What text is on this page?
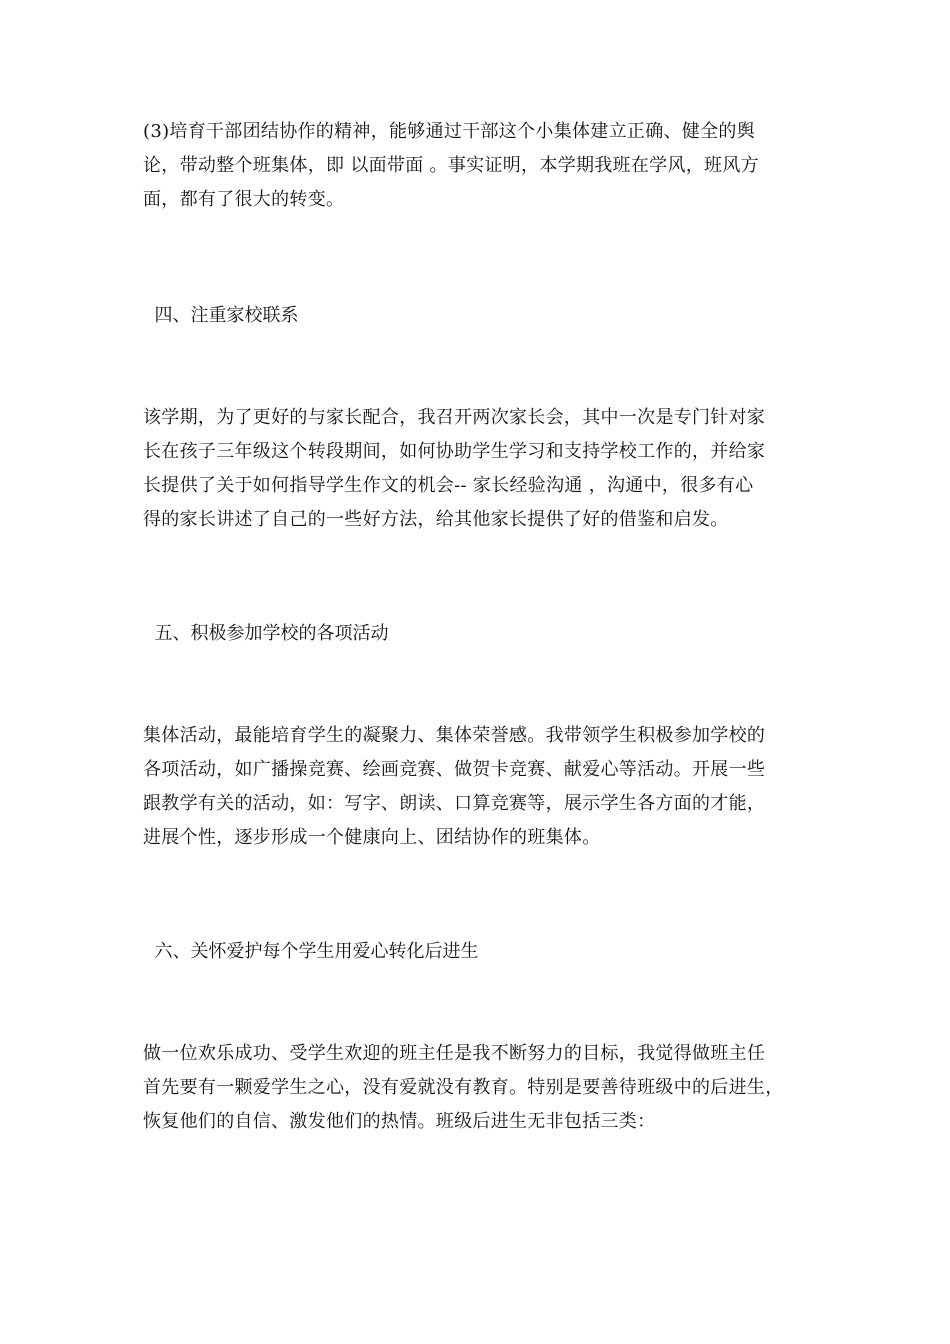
(3)培育干部团结协作的精神，能够通过干部这个小集体建立正确、健全的舆
论，带动整个班集体，即 以面带面 。事实证明，本学期我班在学风，班风方
面，都有了很大的转变。
四、注重家校联系
该学期，为了更好的与家长配合，我召开两次家长会，其中一次是专门针对家
长在孩子三年级这个转段期间，如何协助学生学习和支持学校工作的，并给家
长提供了关于如何指导学生作文的机会-- 家长经验沟通 ，沟通中，很多有心
得的家长讲述了自己的一些好方法，给其他家长提供了好的借鉴和启发。
五、积极参加学校的各项活动
集体活动，最能培育学生的凝聚力、集体荣誉感。我带领学生积极参加学校的
各项活动，如广播操竞赛、绘画竞赛、做贺卡竞赛、献爱心等活动。开展一些
跟教学有关的活动，如：写字、朗读、口算竞赛等，展示学生各方面的才能，
进展个性，逐步形成一个健康向上、团结协作的班集体。
六、关怀爱护每个学生用爱心转化后进生
做一位欢乐成功、受学生欢迎的班主任是我不断努力的目标，我觉得做班主任
首先要有一颗爱学生之心，没有爱就没有教育。特别是要善待班级中的后进生，
恢复他们的自信、激发他们的热情。班级后进生无非包括三类：
